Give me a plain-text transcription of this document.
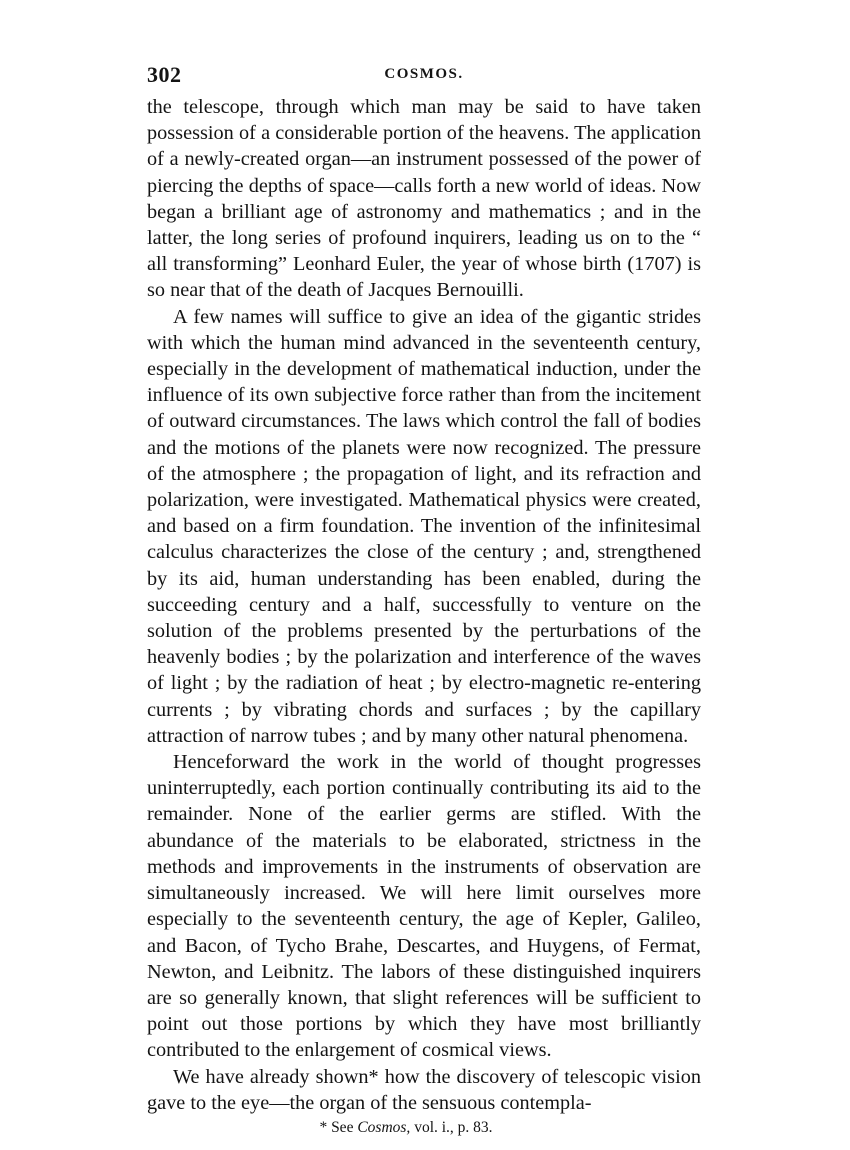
302	COSMOS.

the telescope, through which man may be said to have taken possession of a considerable portion of the heavens. The application of a newly-created organ—an instrument possessed of the power of piercing the depths of space—calls forth a new world of ideas. Now began a brilliant age of astronomy and mathematics ; and in the latter, the long series of profound inquirers, leading us on to the “ all transforming” Leonhard Euler, the year of whose birth (1707) is so near that of the death of Jacques Bernouilli.

A few names will suffice to give an idea of the gigantic strides with which the human mind advanced in the seventeenth century, especially in the development of mathematical induction, under the influence of its own subjective force rather than from the incitement of outward circumstances. The laws which control the fall of bodies and the motions of the planets were now recognized. The pressure of the atmosphere ; the propagation of light, and its refraction and polarization, were investigated. Mathematical physics were created, and based on a firm foundation. The invention of the infinitesimal calculus characterizes the close of the century ; and, strengthened by its aid, human understanding has been enabled, during the succeeding century and a half, successfully to venture on the solution of the problems presented by the perturbations of the heavenly bodies ; by the polarization and interference of the waves of light ; by the radiation of heat ; by electro-magnetic re-entering currents ; by vibrating chords and surfaces ; by the capillary attraction of narrow tubes ; and by many other natural phenomena.

Henceforward the work in the world of thought progresses uninterruptedly, each portion continually contributing its aid to the remainder. None of the earlier germs are stifled. With the abundance of the materials to be elaborated, strictness in the methods and improvements in the instruments of observation are simultaneously increased. We will here limit ourselves more especially to the seventeenth century, the age of Kepler, Galileo, and Bacon, of Tycho Brahe, Descartes, and Huygens, of Fermat, Newton, and Leibnitz. The labors of these distinguished inquirers are so generally known, that slight references will be sufficient to point out those portions by which they have most brilliantly contributed to the enlargement of cosmical views.

We have already shown* how the discovery of telescopic vision gave to the eye—the organ of the sensuous contempla-

* See Cosmos, vol. i., p. 83.
